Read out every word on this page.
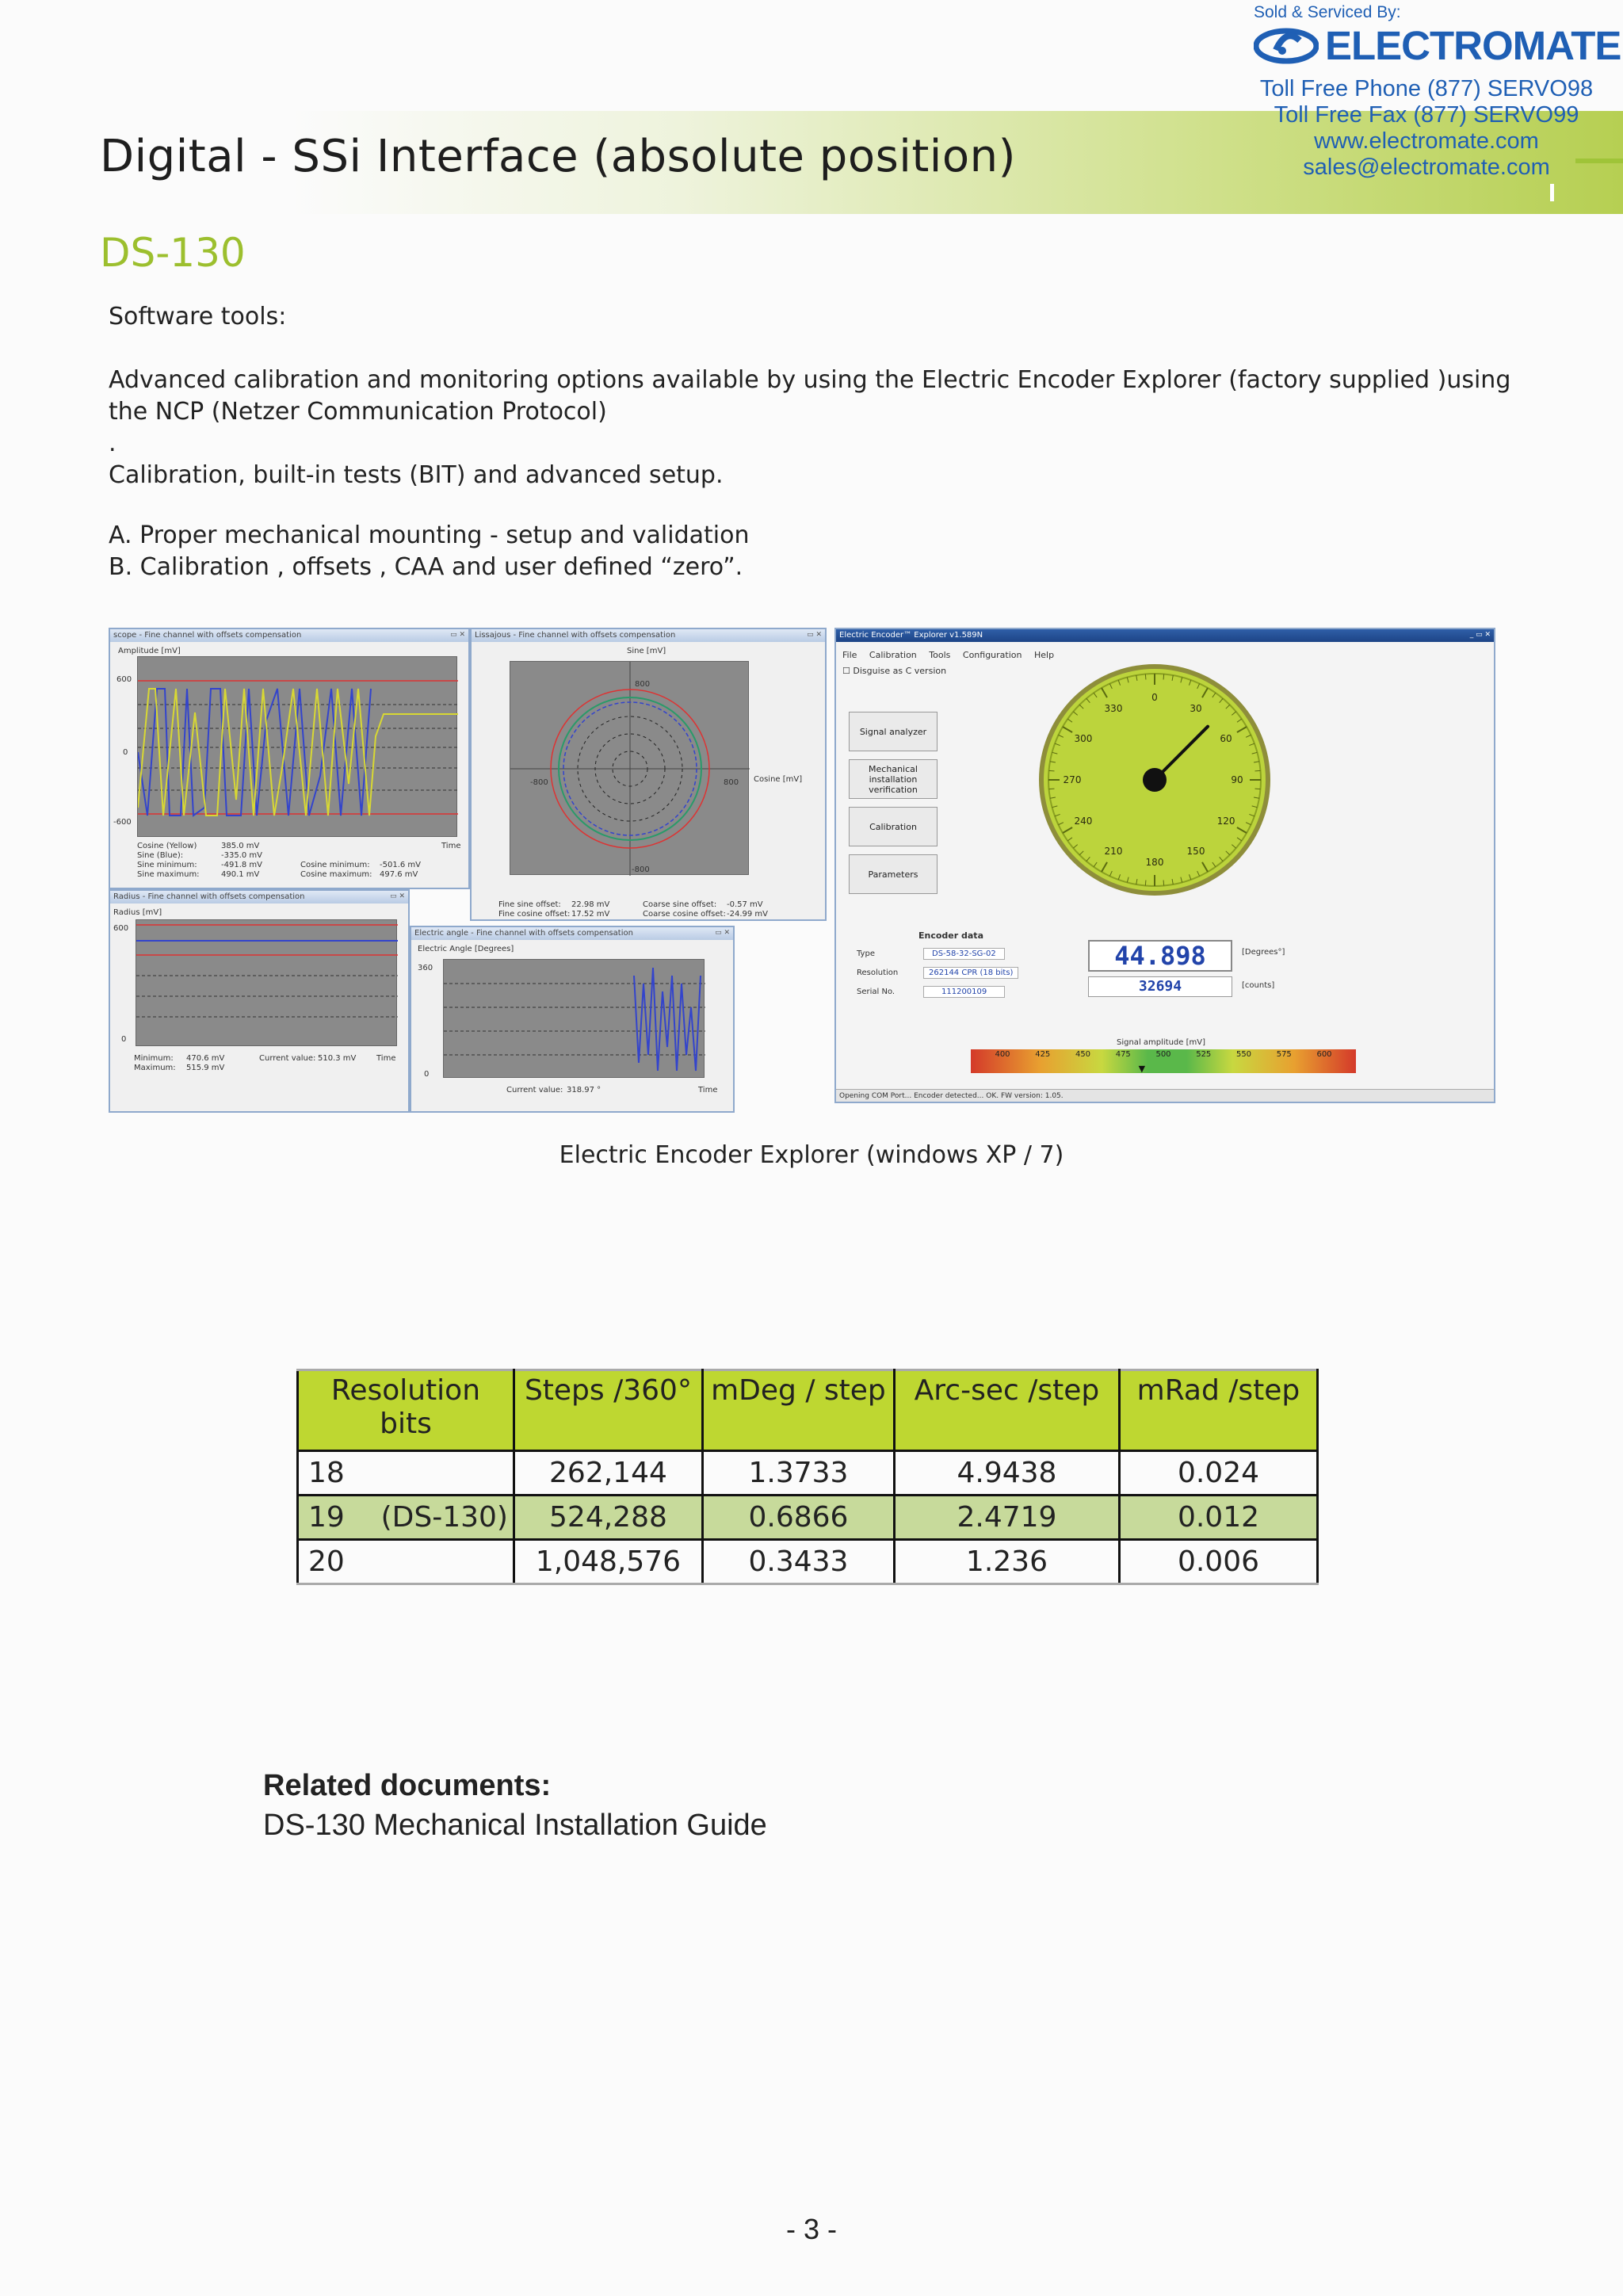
Digital - SSi Interface (absolute position)
Sold & Serviced By:
ELECTROMATE
Toll Free Phone (877) SERVO98
Toll Free Fax (877) SERVO99
www.electromate.com
sales@electromate.com
DS-130

Software tools:

Advanced calibration and monitoring options available by using the Electric Encoder Explorer (factory supplied )using

the NCP (Netzer Communication Protocol)

.

Calibration, built-in tests (BIT) and advanced setup.

A. Proper mechanical mounting - setup and validation

B. Calibration , offsets , CAA and user defined “zero”.

scope - Fine channel with offsets compensation	▭ ✕
Amplitude [mV]
600
0
-600
Time
Cosine (Yellow)	385.0 mV
Sine (Blue):	-335.0 mV
Sine minimum:	-491.8 mV
Sine maximum:	490.1 mV
Cosine minimum: -501.6 mV
Cosine maximum: 497.6 mV
Lissajous - Fine channel with offsets compensation	▭ ✕
Sine [mV]
800
-800	800
-800
Cosine [mV]
Fine sine offset: 22.98 mV
Fine cosine offset: 17.52 mV
Coarse sine offset: -0.57 mV
Coarse cosine offset: -24.99 mV
Radius - Fine channel with offsets compensation	▭ ✕
Radius [mV]
600
0
Minimum: 470.6 mV
Maximum: 515.9 mV
Current value: 510.3 mV	Time
Electric angle - Fine channel with offsets compensation	▭ ✕
Electric Angle [Degrees]
360
0
Current value: 318.97 °	Time
Electric Encoder™ Explorer v1.589N	_ ▭ ✕
File Calibration Tools Configuration Help
☐ Disguise as C version
Signal analyzer
Mechanical installation verification
Calibration
Parameters
0
30
60
90
120
150
180
210
240
270
300
330
Encoder data
Type	DS-58-32-SG-02
Resolution	262144 CPR (18 bits)
Serial No.	111200109
44.898	[Degrees°]
32694	[counts]
Signal amplitude [mV]
400	425	450	475	500	525	550	575	600
▼
Opening COM Port... Encoder detected... OK. FW version: 1.05.
Electric Encoder Explorer (windows XP / 7)
Resolution bits	Steps /360°	mDeg / step	Arc-sec /step	mRad /step
18	262,144	1.3733	4.9438	0.024
19    (DS-130)	524,288	0.6866	2.4719	0.012
20	1,048,576	0.3433	1.236	0.006
Related documents:
DS-130 Mechanical Installation Guide
- 3 -
